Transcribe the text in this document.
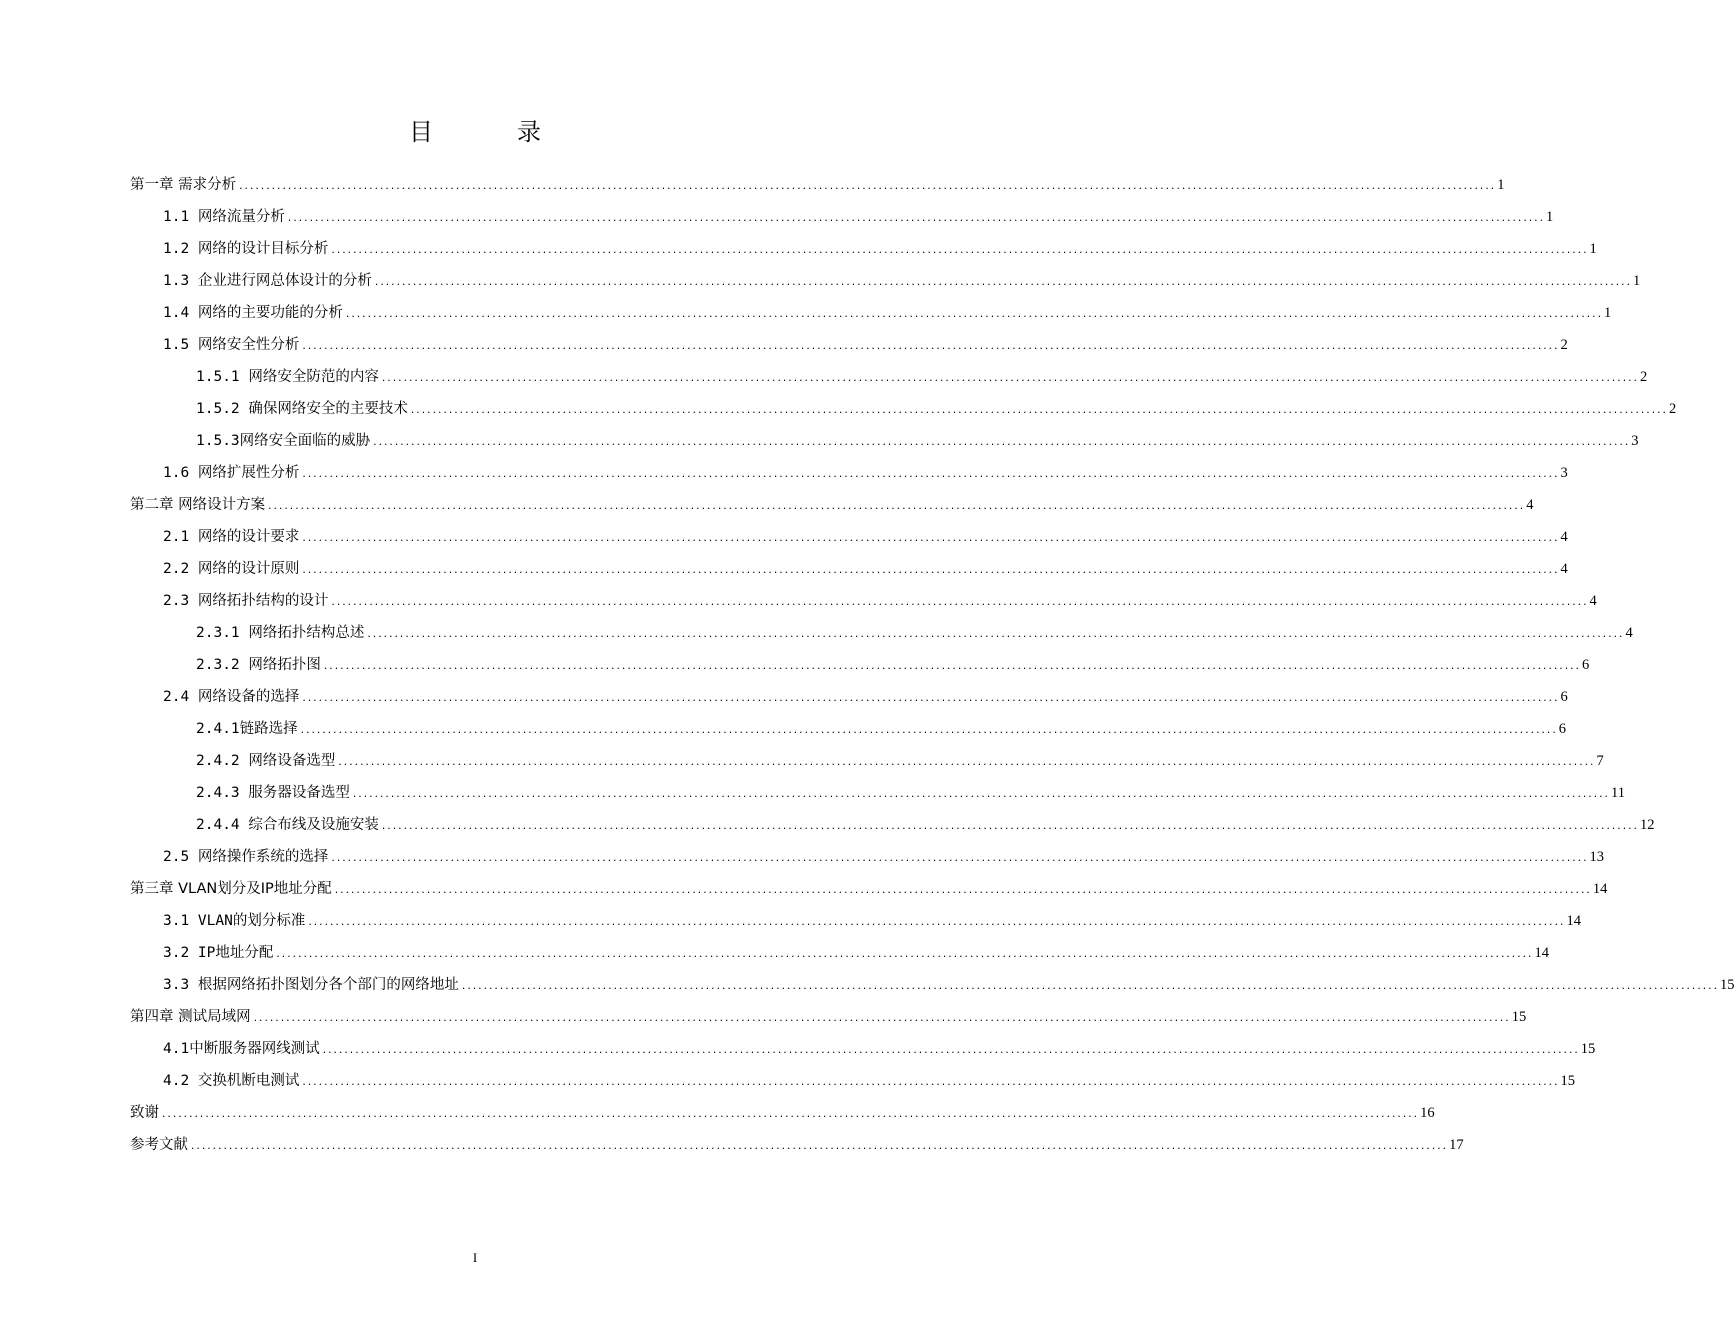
目　录
第一章 需求分析 ........................................................................................................................................................................................................................................ 1
1.1 网络流量分析 ........................................................................................................................................................................................................................................ 1
1.2 网络的设计目标分析 ........................................................................................................................................................................................................................................ 1
1.3 企业进行网总体设计的分析 ........................................................................................................................................................................................................................................ 1
1.4 网络的主要功能的分析 ........................................................................................................................................................................................................................................ 1
1.5 网络安全性分析 ........................................................................................................................................................................................................................................ 2
1.5.1 网络安全防范的内容 ........................................................................................................................................................................................................................................ 2
1.5.2 确保网络安全的主要技术 ........................................................................................................................................................................................................................................ 2
1.5.3网络安全面临的威胁 ........................................................................................................................................................................................................................................ 3
1.6 网络扩展性分析 ........................................................................................................................................................................................................................................ 3
第二章 网络设计方案 ........................................................................................................................................................................................................................................ 4
2.1 网络的设计要求 ........................................................................................................................................................................................................................................ 4
2.2 网络的设计原则 ........................................................................................................................................................................................................................................ 4
2.3 网络拓扑结构的设计 ........................................................................................................................................................................................................................................ 4
2.3.1 网络拓扑结构总述 ........................................................................................................................................................................................................................................ 4
2.3.2 网络拓扑图 ........................................................................................................................................................................................................................................ 6
2.4 网络设备的选择 ........................................................................................................................................................................................................................................ 6
2.4.1链路选择 ........................................................................................................................................................................................................................................ 6
2.4.2 网络设备选型 ........................................................................................................................................................................................................................................ 7
2.4.3 服务器设备选型 ........................................................................................................................................................................................................................................ 11
2.4.4 综合布线及设施安装 ........................................................................................................................................................................................................................................ 12
2.5 网络操作系统的选择 ........................................................................................................................................................................................................................................ 13
第三章 VLAN划分及IP地址分配 ........................................................................................................................................................................................................................................ 14
3.1 VLAN的划分标准 ........................................................................................................................................................................................................................................ 14
3.2 IP地址分配 ........................................................................................................................................................................................................................................ 14
3.3 根据网络拓扑图划分各个部门的网络地址 ........................................................................................................................................................................................................................................ 15
第四章 测试局域网 ........................................................................................................................................................................................................................................ 15
4.1中断服务器网线测试 ........................................................................................................................................................................................................................................ 15
4.2 交换机断电测试 ........................................................................................................................................................................................................................................ 15
致谢 ........................................................................................................................................................................................................................................ 16
参考文献 ........................................................................................................................................................................................................................................ 17
I
